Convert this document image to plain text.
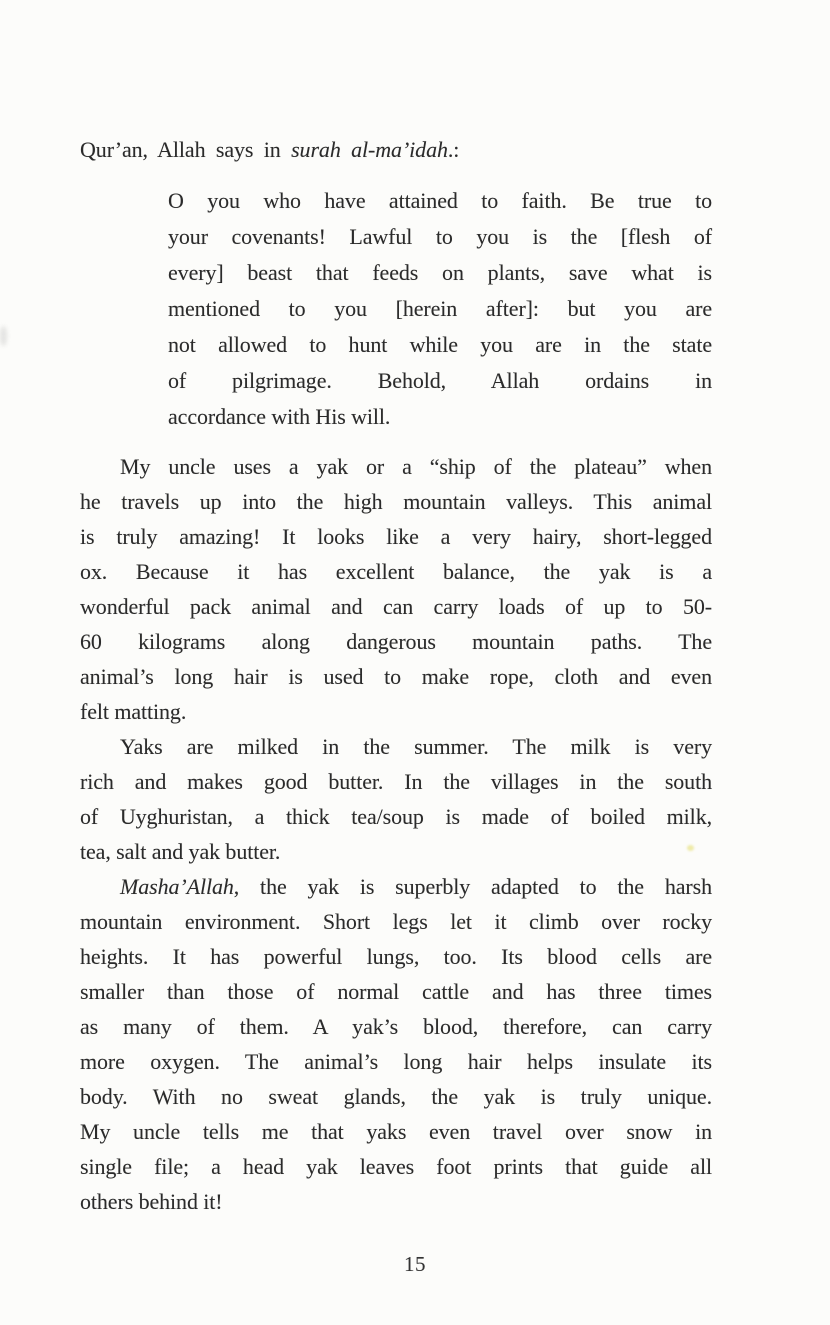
Qur’an, Allah says in surah al-ma’idah.:

O you who have attained to faith. Be true to
your covenants! Lawful to you is the [flesh of
every] beast that feeds on plants, save what is
mentioned to you [herein after]: but you are
not allowed to hunt while you are in the state
of pilgrimage. Behold, Allah ordains in
accordance with His will.
My uncle uses a yak or a “ship of the plateau” when
he travels up into the high mountain valleys. This animal
is truly amazing! It looks like a very hairy, short-legged
ox. Because it has excellent balance, the yak is a
wonderful pack animal and can carry loads of up to 50-
60 kilograms along dangerous mountain paths. The
animal’s long hair is used to make rope, cloth and even
felt matting.
Yaks are milked in the summer. The milk is very
rich and makes good butter. In the villages in the south
of Uyghuristan, a thick tea/soup is made of boiled milk,
tea, salt and yak butter.
Masha’Allah, the yak is superbly adapted to the harsh
mountain environment. Short legs let it climb over rocky
heights. It has powerful lungs, too. Its blood cells are
smaller than those of normal cattle and has three times
as many of them. A yak’s blood, therefore, can carry
more oxygen. The animal’s long hair helps insulate its
body. With no sweat glands, the yak is truly unique.
My uncle tells me that yaks even travel over snow in
single file; a head yak leaves foot prints that guide all
others behind it!
15
